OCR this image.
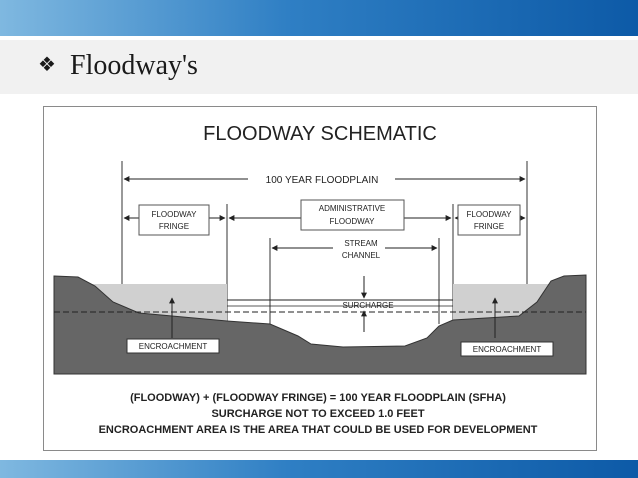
❖ Floodway's
FLOODWAY SCHEMATIC
100 YEAR FLOODPLAIN
FLOODWAY
FRINGE
ADMINISTRATIVE
FLOODWAY
FLOODWAY
FRINGE
STREAM
CHANNEL
SURCHARGE
ENCROACHMENT	ENCROACHMENT
(FLOODWAY) + (FLOODWAY FRINGE) = 100 YEAR FLOODPLAIN (SFHA)
SURCHARGE NOT TO EXCEED 1.0 FEET
ENCROACHMENT AREA IS THE AREA THAT COULD BE USED FOR DEVELOPMENT
